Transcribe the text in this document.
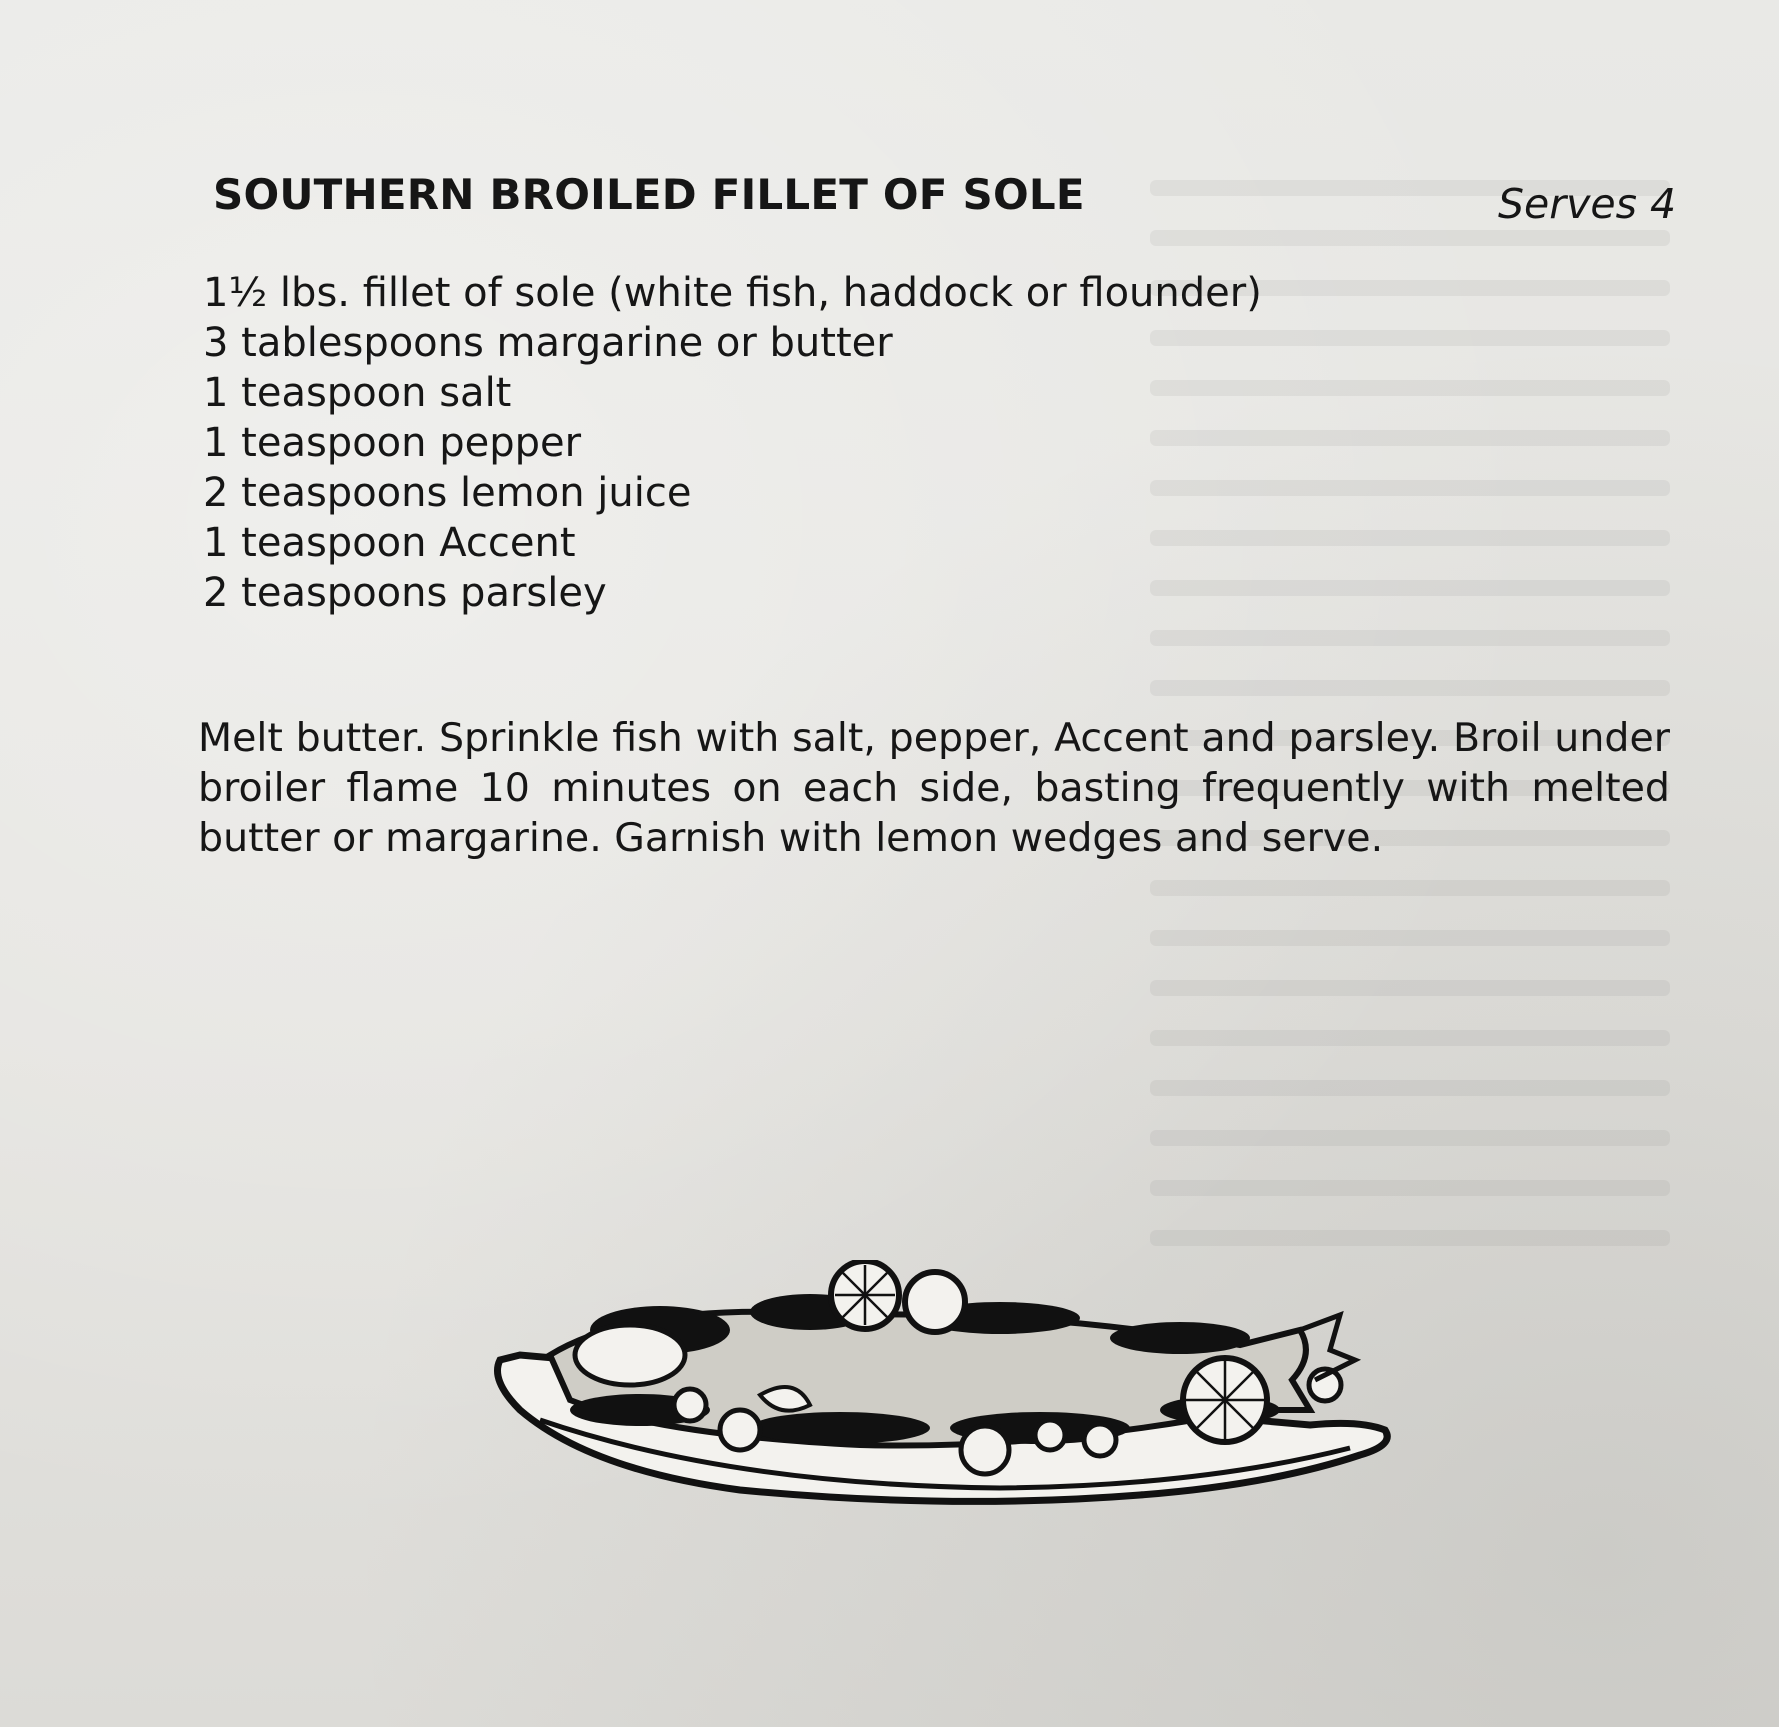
SOUTHERN BROILED FILLET OF SOLE	Serves 4
1½ lbs. fillet of sole (white fish, haddock or flounder)
3 tablespoons margarine or butter
1 teaspoon salt
1 teaspoon pepper
2 teaspoons lemon juice
1 teaspoon Accent
2 teaspoons parsley

Melt butter. Sprinkle fish with salt, pepper, Accent and parsley. Broil under broiler flame 10 minutes on each side, basting frequently with melted butter or margarine. Garnish with lemon wedges and serve.
